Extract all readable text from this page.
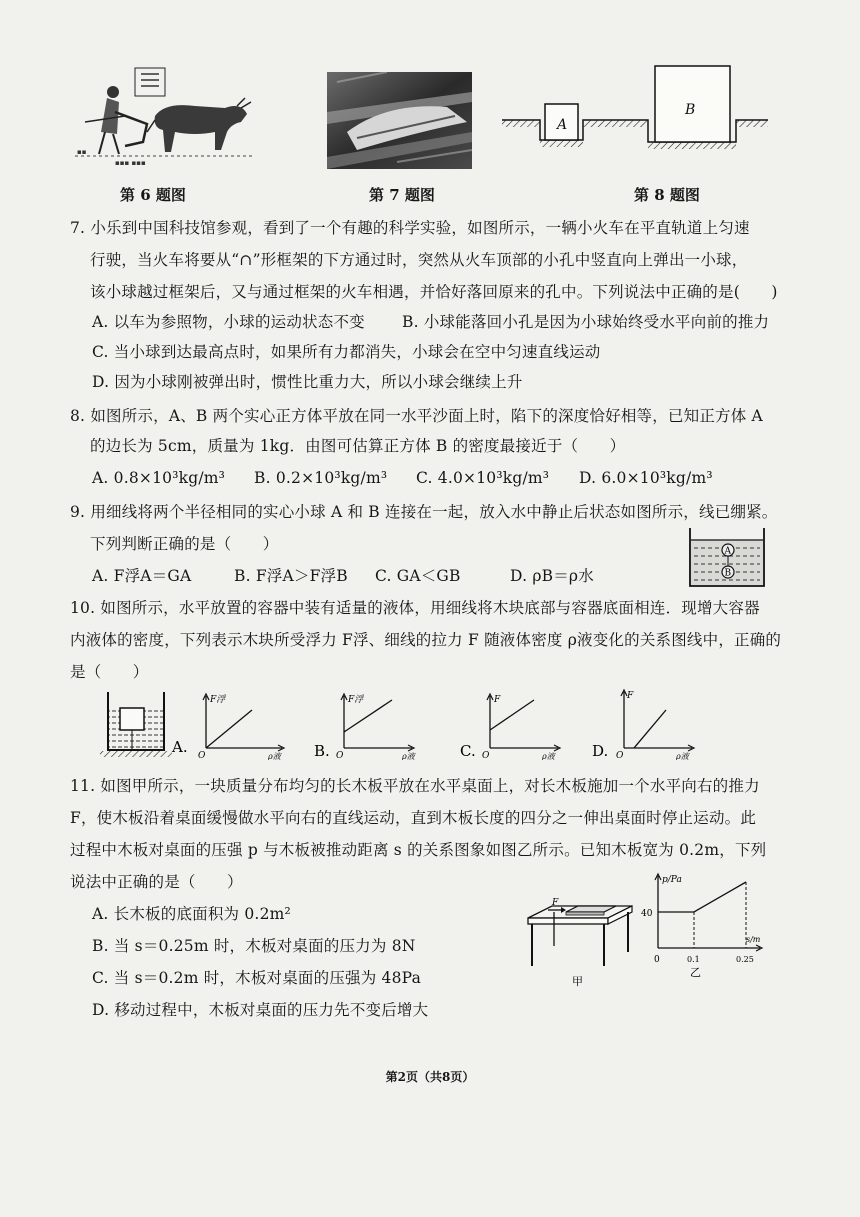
▪▪
▪▪▪ ▪▪▪
A
B
第 6 题图	第 7 题图	第 8 题图
7. 小乐到中国科技馆参观，看到了一个有趣的科学实验，如图所示，一辆小火车在平直轨道上匀速
行驶，当火车将要从“∩”形框架的下方通过时，突然从火车顶部的小孔中竖直向上弹出一小球，
该小球越过框架后，又与通过框架的火车相遇，并恰好落回原来的孔中。下列说法中正确的是(　　)
A. 以车为参照物，小球的运动状态不变 B. 小球能落回小孔是因为小球始终受水平向前的推力
C. 当小球到达最高点时，如果所有力都消失，小球会在空中匀速直线运动
D. 因为小球刚被弹出时，惯性比重力大，所以小球会继续上升
8. 如图所示，A、B 两个实心正方体平放在同一水平沙面上时，陷下的深度恰好相等，已知正方体 A
的边长为 5cm，质量为 1kg．由图可估算正方体 B 的密度最接近于（　　）
A. 0.8×10³kg/m³ B. 0.2×10³kg/m³ C. 4.0×10³kg/m³ D. 6.0×10³kg/m³
9. 用细线将两个半径相同的实心小球 A 和 B 连接在一起，放入水中静止后状态如图所示，线已绷紧。
下列判断正确的是（　　）
A. F浮A＝GA	B. F浮A＞F浮B C. GA＜GB	D. ρB＝ρ水
A
B
10. 如图所示，水平放置的容器中装有适量的液体，用细线将木块底部与容器底面相连．现增大容器
内液体的密度，下列表示木块所受浮力 F浮、细线的拉力 F 随液体密度 ρ液变化的关系图线中，正确的
是（　　）
A.
F浮
O	ρ液 B.
F浮
O	ρ液	C.
F
O	ρ液 D.
F
O	ρ液
11. 如图甲所示，一块质量分布均匀的长木板平放在水平桌面上，对长木板施加一个水平向右的推力
F，使木板沿着桌面缓慢做水平向右的直线运动，直到木板长度的四分之一伸出桌面时停止运动。此
过程中木板对桌面的压强 p 与木板被推动距离 s 的关系图象如图乙所示。已知木板宽为 0.2m，下列
说法中正确的是（　　）
A. 长木板的底面积为 0.2m²
B. 当 s＝0.25m 时，木板对桌面的压力为 8N
C. 当 s＝0.2m 时，木板对桌面的压强为 48Pa
D. 移动过程中，木板对桌面的压力先不变后增大
F
甲
p/Pa
40
0	0.1	0.25
s/m
乙
第2页（共8页）
